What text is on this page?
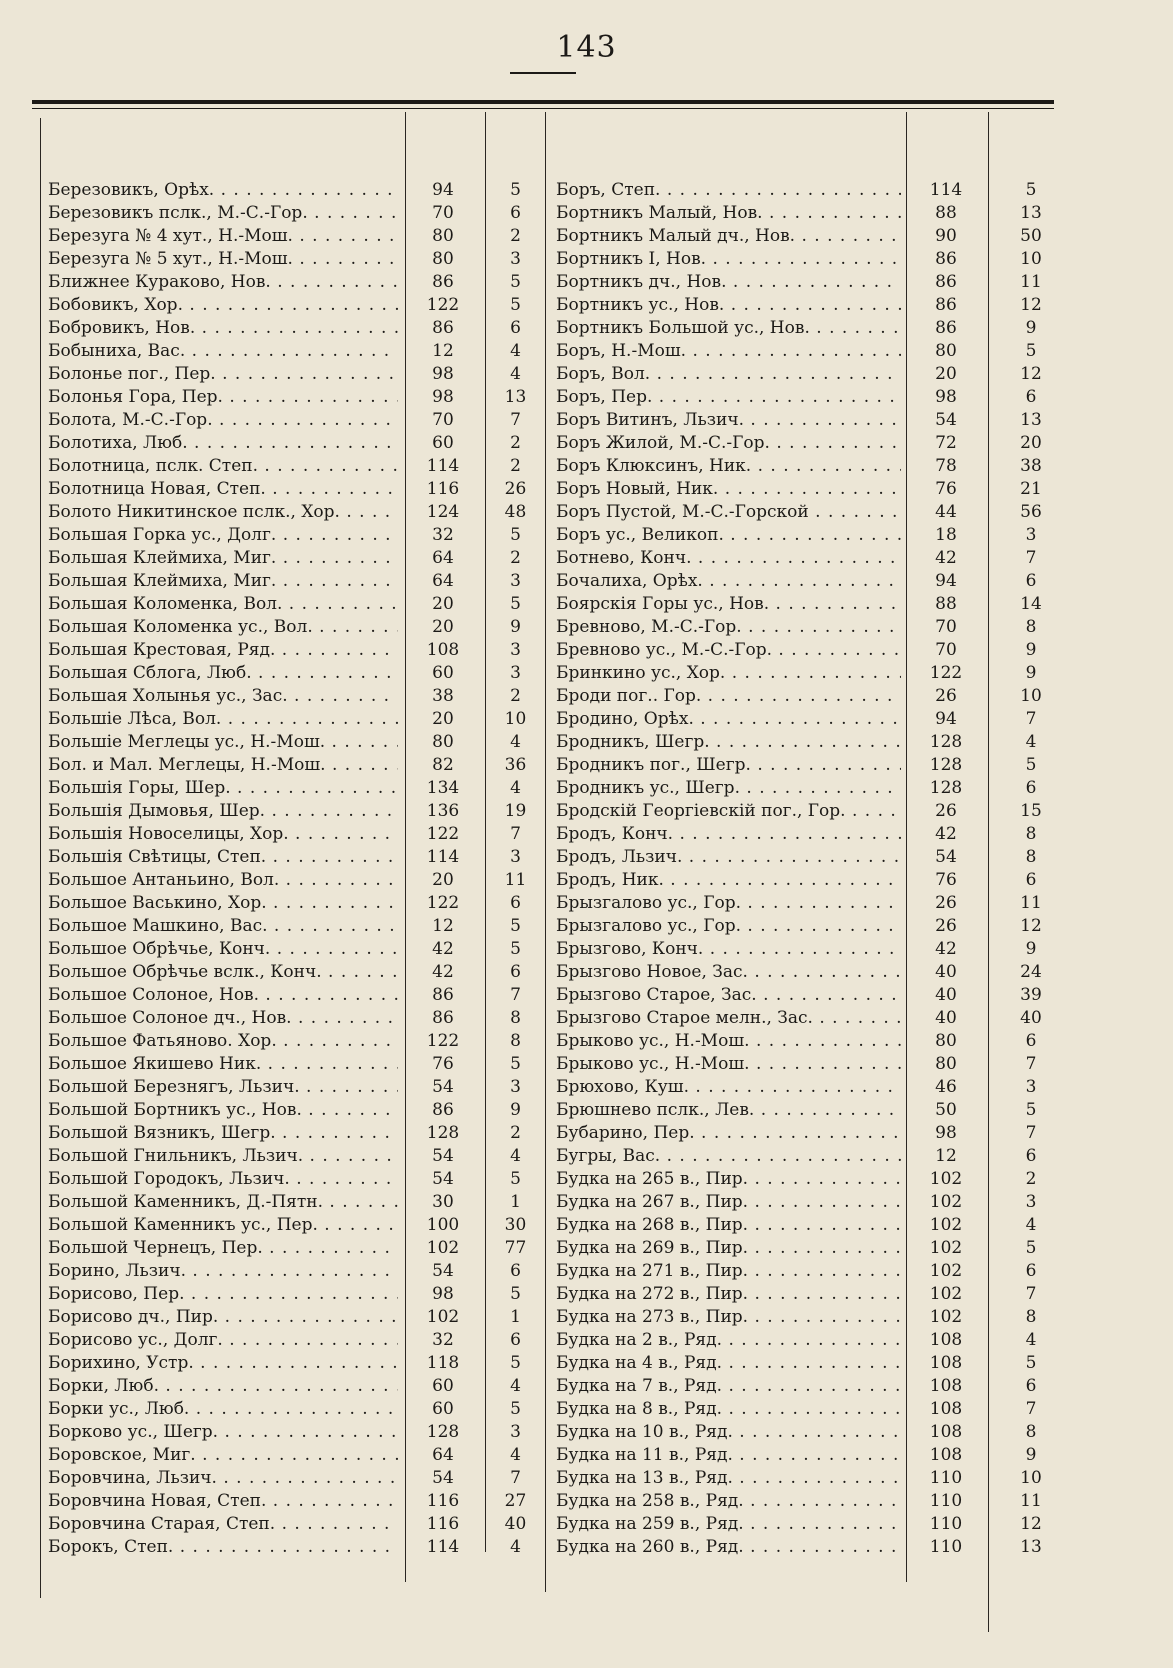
143
Березовикъ, Орѣх. . . .	94	5
Березовикъ пслк., М.-С.-Гор. . . .	70	6
Березуга № 4 хут., Н.-Мош. . . .	80	2
Березуга № 5 хут., Н.-Мош. . . .	80	3
Ближнее Кураково, Нов. . . .	86	5
Бобовикъ, Хор. . . .	122	5
Бобровикъ, Нов. . . .	86	6
Бобыниха, Вас. . . .	12	4
Болонье пог., Пер. . . .	98	4
Болонья Гора, Пер. . . .	98	13
Болота, М.-С.-Гор. . . .	70	7
Болотиха, Люб. . . .	60	2
Болотница, пслк. Степ. . . .	114	2
Болотница Новая, Степ. . . .	116	26
Болото Никитинское пслк., Хор. . . .	124	48
Большая Горка ус., Долг. . . .	32	5
Большая Клеймиха, Миг. . . .	64	2
Большая Клеймиха, Миг. . . .	64	3
Большая Коломенка, Вол. . . .	20	5
Большая Коломенка ус., Вол. . . .	20	9
Большая Крестовая, Ряд. . . .	108	3
Большая Сблогa, Люб. . . .	60	3
Большая Холынья ус., Зас. . . .	38	2
Большіе Лѣса, Вол. . . .	20	10
Большіе Меглецы ус., Н.-Мош. . . .	80	4
Бол. и Мал. Меглецы, Н.-Мош. . . .	82	36
Большія Горы, Шер. . . .	134	4
Большія Дымовья, Шер. . . .	136	19
Большія Новоселицы, Хор. . . .	122	7
Большія Свѣтицы, Степ. . . .	114	3
Большое Антаньино, Вол. . . .	20	11
Большое Васькино, Хор. . . .	122	6
Большое Машкино, Вас. . . .	12	5
Большое Обрѣчье, Конч. . . .	42	5
Большое Обрѣчье вслк., Конч. . . .	42	6
Большое Солоное, Нов. . . .	86	7
Большое Солоное дч., Нов. . . .	86	8
Большое Фатьяново. Хор. . . .	122	8
Большое Якишево Ник. . . .	76	5
Большой Березнягъ, Льзич. . . .	54	3
Большой Бортникъ ус., Нов. . . .	86	9
Большой Вязникъ, Шегр. . . .	128	2
Большой Гнильникъ, Льзич. . . .	54	4
Большой Городокъ, Льзич. . . .	54	5
Большой Каменникъ, Д.-Пятн. . . .	30	1
Большой Каменникъ ус., Пер. . . .	100	30
Большой Чернецъ, Пер. . . .	102	77
Борино, Льзич. . . .	54	6
Борисово, Пер. . . .	98	5
Борисово дч., Пир. . . .	102	1
Борисово ус., Долг. . . .	32	6
Борихино, Устр. . . .	118	5
Борки, Люб. . . .	60	4
Борки ус., Люб. . . .	60	5
Борково ус., Шегр. . . .	128	3
Боровское, Миг. . . .	64	4
Боровчина, Льзич. . . .	54	7
Боровчина Новая, Степ. . . .	116	27
Боровчина Старая, Степ. . . .	116	40
Борокъ, Степ. . . .	114	4
Боръ, Степ. . . .	114	5
Бортникъ Малый, Нов. . . .	88	13
Бортникъ Малый дч., Нов. . . .	90	50
Бортникъ I, Нов. . . .	86	10
Бортникъ дч., Нов. . . .	86	11
Бортникъ ус., Нов. . . .	86	12
Бортникъ Большой ус., Нов. . . .	86	9
Боръ, Н.-Мош. . . .	80	5
Боръ, Вол. . . .	20	12
Боръ, Пер. . . .	98	6
Боръ Витинъ, Льзич. . . .	54	13
Боръ Жилой, М.-С.-Гор. . . .	72	20
Боръ Клюксинъ, Ник. . . .	78	38
Боръ Новый, Ник. . . .	76	21
Боръ Пустой, М.-С.-Горской . . .	44	56
Боръ ус., Великоп. . . .	18	3
Ботнево, Конч. . . .	42	7
Бочалиха, Орѣх. . . .	94	6
Боярскія Горы ус., Нов. . . .	88	14
Бревново, М.-С.-Гор. . . .	70	8
Бревново ус., М.-С.-Гор. . . .	70	9
Бринкино ус., Хор. . . .	122	9
Броди пог.. Гор. . . .	26	10
Бродино, Орѣх. . . .	94	7
Бродникъ, Шегр. . . .	128	4
Бродникъ пог., Шегр. . . .	128	5
Бродникъ ус., Шегр. . . .	128	6
Бродскій Георгіевскій пог., Гор. . . .	26	15
Бродъ, Конч. . . .	42	8
Бродъ, Льзич. . . .	54	8
Бродъ, Ник. . . .	76	6
Брызгалово ус., Гор. . . .	26	11
Брызгалово ус., Гор. . . .	26	12
Брызгово, Конч. . . .	42	9
Брызгово Новое, Зас. . . .	40	24
Брызгово Старое, Зас. . . .	40	39
Брызгово Старое мелн., Зас. . . .	40	40
Брыково ус., Н.-Мош. . . .	80	6
Брыково ус., Н.-Мош. . . .	80	7
Брюхово, Куш. . . .	46	3
Брюшнево пслк., Лев. . . .	50	5
Бубарино, Пер. . . .	98	7
Бугры, Вас. . . .	12	6
Будка на 265 в., Пир. . . .	102	2
Будка на 267 в., Пир. . . .	102	3
Будка на 268 в., Пир. . . .	102	4
Будка на 269 в., Пир. . . .	102	5
Будка на 271 в., Пир. . . .	102	6
Будка на 272 в., Пир. . . .	102	7
Будка на 273 в., Пир. . . .	102	8
Будка на 2 в., Ряд. . . .	108	4
Будка на 4 в., Ряд. . . .	108	5
Будка на 7 в., Ряд. . . .	108	6
Будка на 8 в., Ряд. . . .	108	7
Будка на 10 в., Ряд. . . .	108	8
Будка на 11 в., Ряд. . . .	108	9
Будка на 13 в., Ряд. . . .	110	10
Будка на 258 в., Ряд. . . .	110	11
Будка на 259 в., Ряд. . . .	110	12
Будка на 260 в., Ряд. . . .	110	13
